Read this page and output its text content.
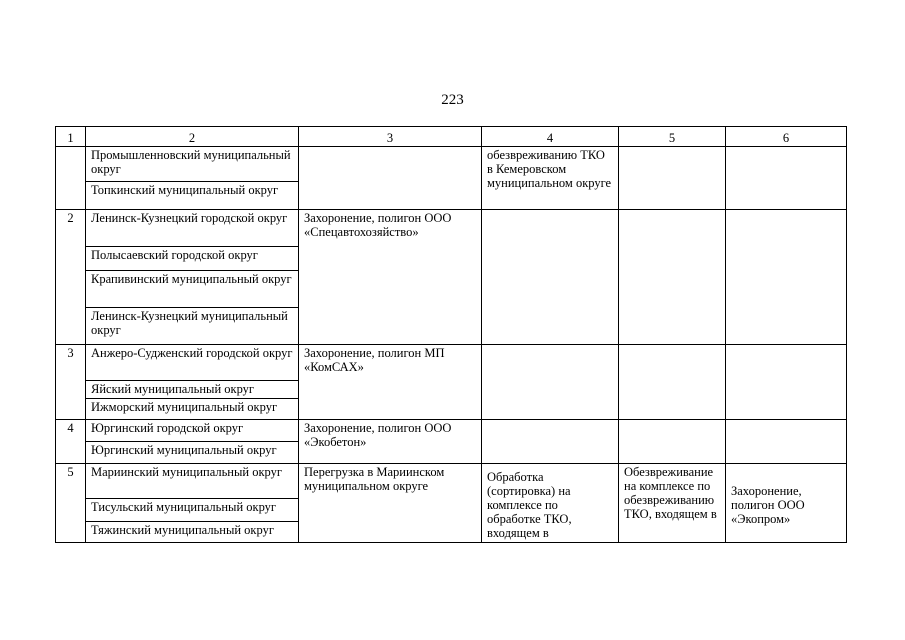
223
1	2	3	4	5	6
	Промышленновский муниципальный округ		обезвреживанию ТКО в Кемеровском муниципальном округе		
	Топкинский муниципальный округ				
2	Ленинск-Кузнецкий городской округ	Захоронение, полигон ООО «Спецавтохозяйство»			
	Полысаевский городской округ				
	Крапивинский муниципальный округ				
	Ленинск-Кузнецкий муниципальный округ				
3	Анжеро-Судженский городской округ	Захоронение, полигон МП «КомСАХ»			
	Яйский муниципальный округ				
	Ижморский муниципальный округ				
4	Юргинский городской округ	Захоронение, полигон ООО «Экобетон»			
	Юргинский муниципальный округ				
5	Мариинский муниципальный округ	Перегрузка в Мариинском муниципальном округе	Обработка (сортировка) на комплексе по обработке ТКО, входящем в	Обезвреживание на комплексе по обезвреживанию ТКО, входящем в	Захоронение, полигон ООО «Экопром»
	Тисульский муниципальный округ				
	Тяжинский муниципальный округ				
